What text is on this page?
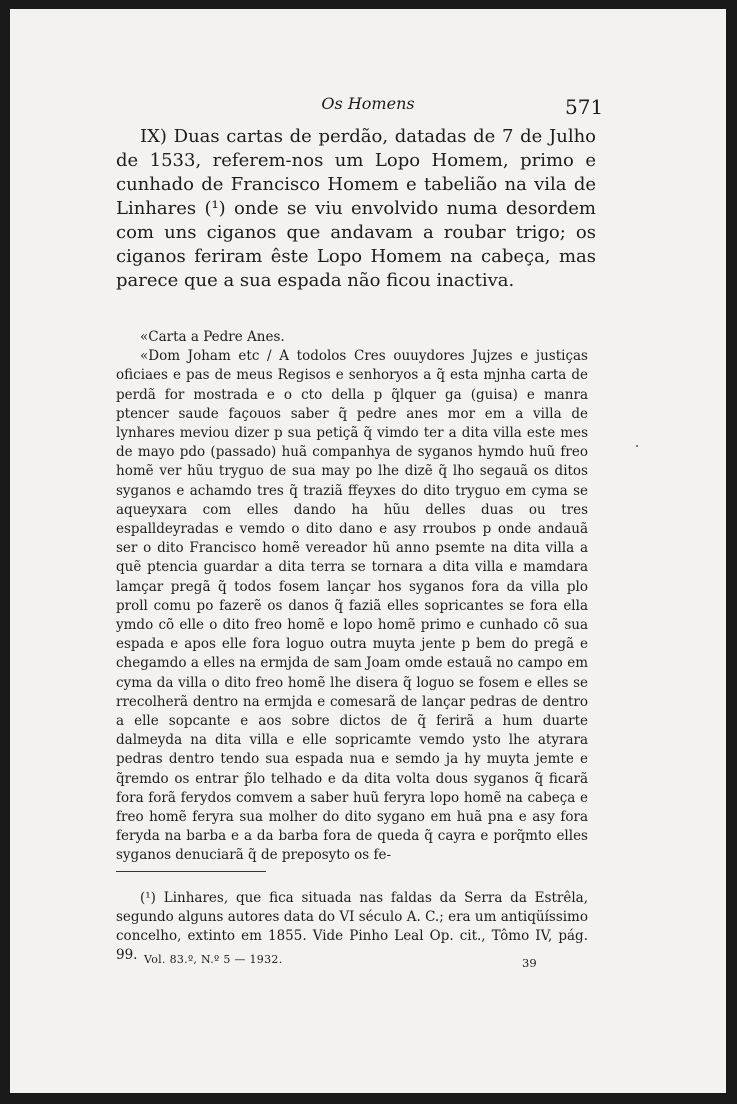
Os Homens	571

IX) Duas cartas de perdão, datadas de 7 de Julho de 1533, referem-nos um Lopo Homem, primo e cunhado de Francisco Homem e tabelião na vila de Linhares (¹) onde se viu envolvido numa desordem com uns ciganos que andavam a roubar trigo; os ciganos feriram êste Lopo Homem na cabeça, mas parece que a sua espada não ficou inactiva.

«Carta a Pedre Anes.

«Dom Joham etc / A todolos Cres ouuydores Jujzes e justiças oficiaes e pas de meus Regisos e senhoryos a q̃ esta mjnha carta de perdã for mostrada e o cto della p q̃lquer ga (guisa) e manra ptencer saude façouos saber q̃ pedre anes mor em a villa de lynhares meviou dizer p sua petiçã q̃ vimdo ter a dita villa este mes de mayo pdo (passado) huã companhya de syganos hymdo huũ freo homẽ ver hũu tryguo de sua may po lhe dizẽ q̃ lho segauã os ditos syganos e achamdo tres q̃ traziã ffeyxes do dito tryguo em cyma se aqueyxara com elles dando ha hũu delles duas ou tres espalldeyradas e vemdo o dito dano e asy rroubos p onde andauã ser o dito Francisco homẽ vereador hũ anno psemte na dita villa a quẽ ptencia guardar a dita terra se tornara a dita villa e mamdara lamçar pregã q̃ todos fosem lançar hos syganos fora da villa plo proll comu po fazerẽ os danos q̃ faziã elles sopricantes se fora ella ymdo cõ elle o dito freo homẽ e lopo homẽ primo e cunhado cõ sua espada e apos elle fora loguo outra muyta jente p bem do pregã e chegamdo a elles na ermjda de sam Joam omde estauã no campo em cyma da villa o dito freo homẽ lhe disera q̃ loguo se fosem e elles se rrecolherã dentro na ermjda e comesarã de lançar pedras de dentro a elle sopcante e aos sobre dictos de q̃ ferirã a hum duarte dalmeyda na dita villa e elle sopricamte vemdo ysto lhe atyrara pedras dentro tendo sua espada nua e semdo ja hy muyta jemte e q̃remdo os entrar p̃lo telhado e da dita volta dous syganos q̃ ficarã fora forã ferydos comvem a saber huũ feryra lopo homẽ na cabeça e freo homẽ feryra sua molher do dito sygano em huã pna e asy fora feryda na barba e a da barba fora de queda q̃ cayra e porq̃mto elles syganos denuciarã q̃ de preposyto os fe-

(¹) Linhares, que fica situada nas faldas da Serra da Estrêla, segundo alguns autores data do VI século A. C.; era um antiqüíssimo concelho, extinto em 1855. Vide Pinho Leal Op. cit., Tômo IV, pág. 99. Vol. 83.º, N.º 5 — 1932.	39
